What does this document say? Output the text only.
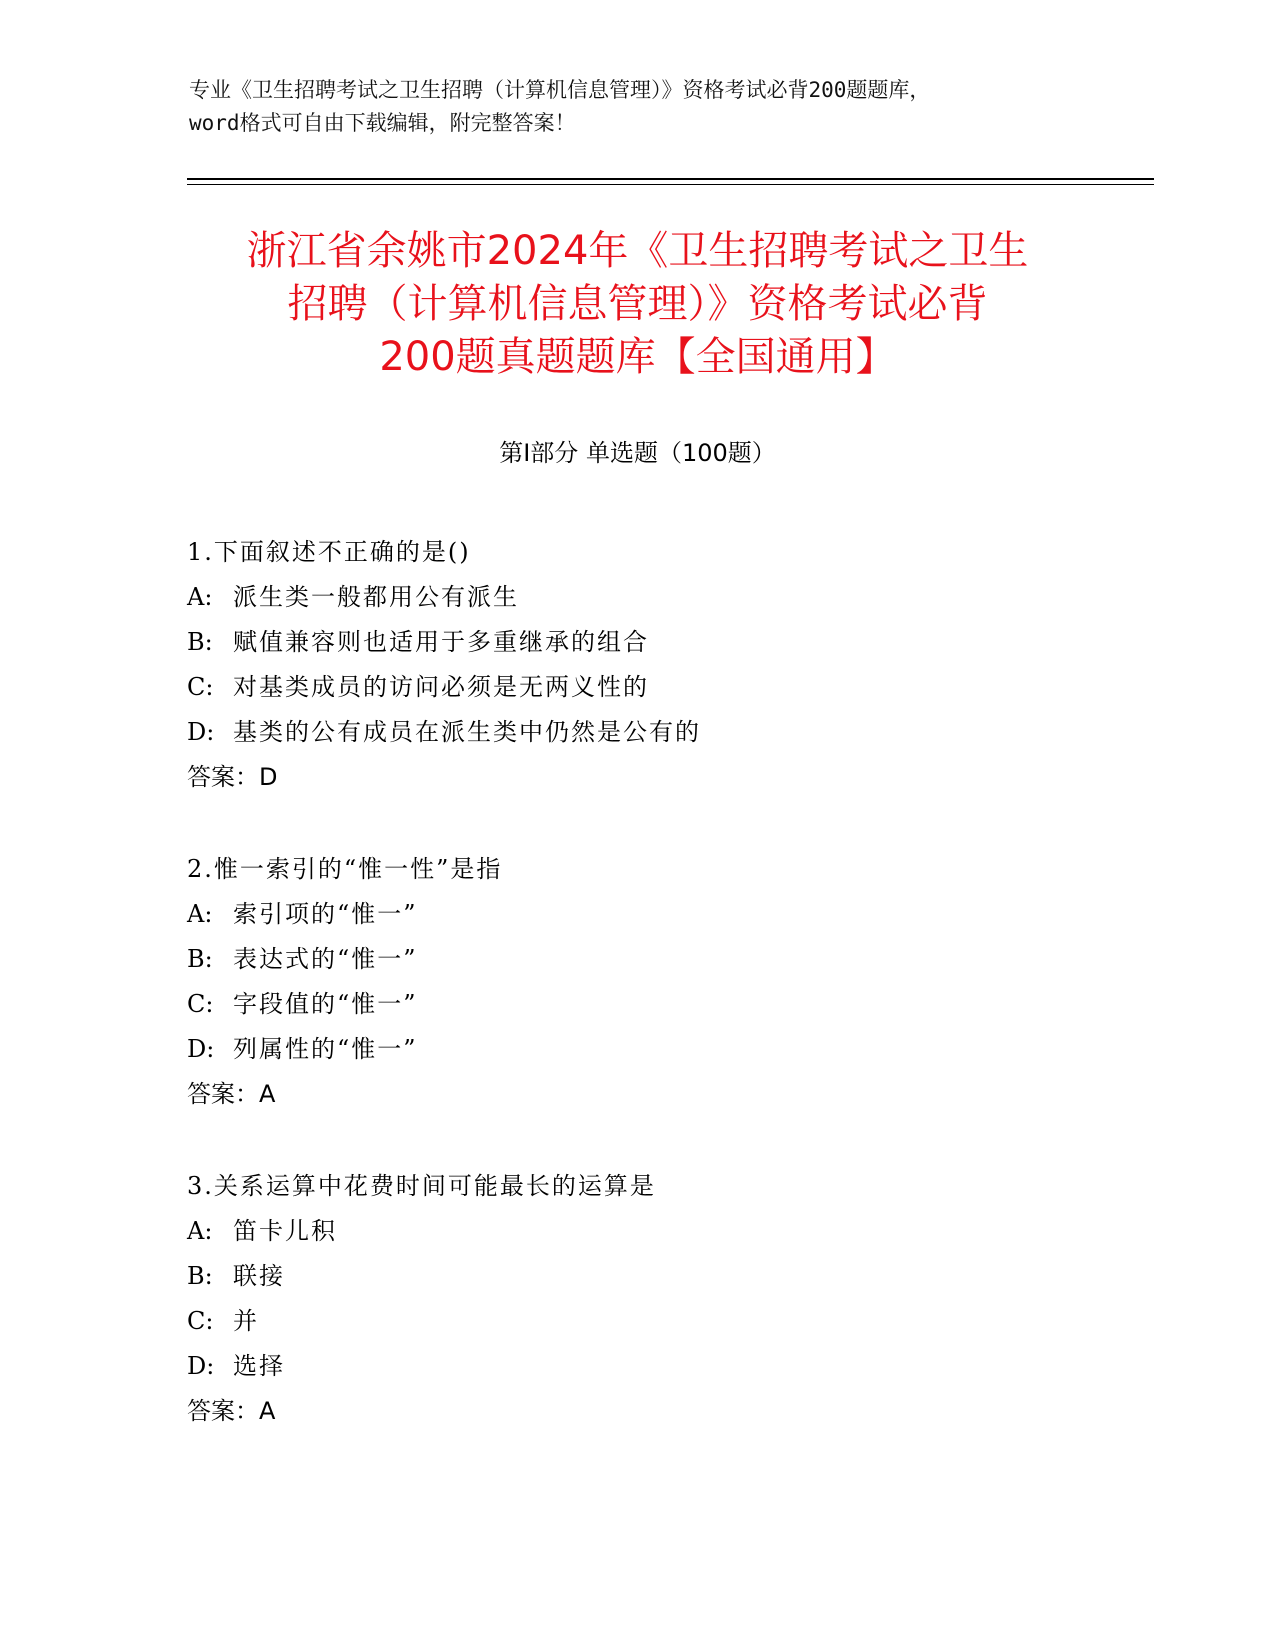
专业《卫生招聘考试之卫生招聘（计算机信息管理）》资格考试必背200题题库，
word格式可自由下载编辑，附完整答案！
浙江省余姚市2024年《卫生招聘考试之卫生
招聘（计算机信息管理）》资格考试必背
200题真题题库【全国通用】
第Ⅰ部分 单选题（100题）
1.下面叙述不正确的是()
A: 派生类一般都用公有派生
B: 赋值兼容则也适用于多重继承的组合
C: 对基类成员的访问必须是无两义性的
D: 基类的公有成员在派生类中仍然是公有的
答案：D
2.惟一索引的“惟一性”是指
A: 索引项的“惟一”
B: 表达式的“惟一”
C: 字段值的“惟一”
D: 列属性的“惟一”
答案：A
3.关系运算中花费时间可能最长的运算是
A: 笛卡儿积
B: 联接
C: 并
D: 选择
答案：A
